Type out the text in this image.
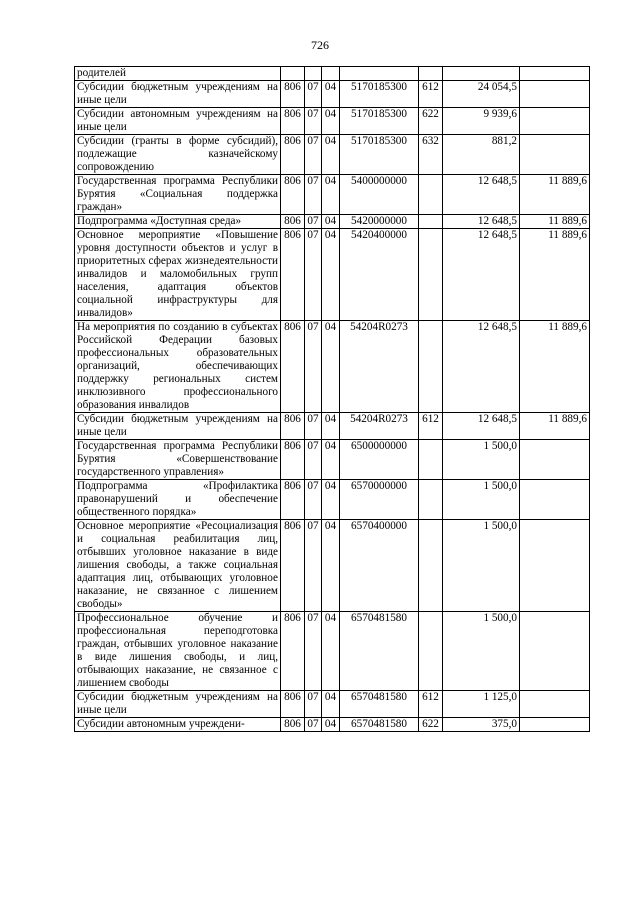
726
родителей							
Субсидии бюджетным учреждениям на иные цели	806	07	04	5170185300	612	24 054,5	
Субсидии автономным учреждениям на иные цели	806	07	04	5170185300	622	9 939,6	
Субсидии (гранты в форме субсидий), подлежащие казначейскому сопровождению	806	07	04	5170185300	632	881,2	
Государственная программа Республики Бурятия «Социальная поддержка граждан»	806	07	04	5400000000		12 648,5	11 889,6
Подпрограмма «Доступная среда»	806	07	04	5420000000		12 648,5	11 889,6
Основное мероприятие «Повышение уровня доступности объектов и услуг в приоритетных сферах жизнедеятельности инвалидов и маломобильных групп населения, адаптация объектов социальной инфраструктуры для инвалидов»	806	07	04	5420400000		12 648,5	11 889,6
На мероприятия по созданию в субъектах Российской Федерации базовых профессиональных образовательных организаций, обеспечивающих поддержку региональных систем инклюзивного профессионального образования инвалидов	806	07	04	54204R0273		12 648,5	11 889,6
Субсидии бюджетным учреждениям на иные цели	806	07	04	54204R0273	612	12 648,5	11 889,6
Государственная программа Республики Бурятия «Совершенствование государственного управления»	806	07	04	6500000000		1 500,0	
Подпрограмма «Профилактика правонарушений и обеспечение общественного порядка»	806	07	04	6570000000		1 500,0	
Основное мероприятие «Ресоциализация и социальная реабилитация лиц, отбывших уголовное наказание в виде лишения свободы, а также социальная адаптация лиц, отбывающих уголовное наказание, не связанное с лишением свободы»	806	07	04	6570400000		1 500,0	
Профессиональное обучение и профессиональная переподготовка граждан, отбывших уголовное наказание в виде лишения свободы, и лиц, отбывающих наказание, не связанное с лишением свободы	806	07	04	6570481580		1 500,0	
Субсидии бюджетным учреждениям на иные цели	806	07	04	6570481580	612	1 125,0	
Субсидии автономным учреждени-	806	07	04	6570481580	622	375,0	
